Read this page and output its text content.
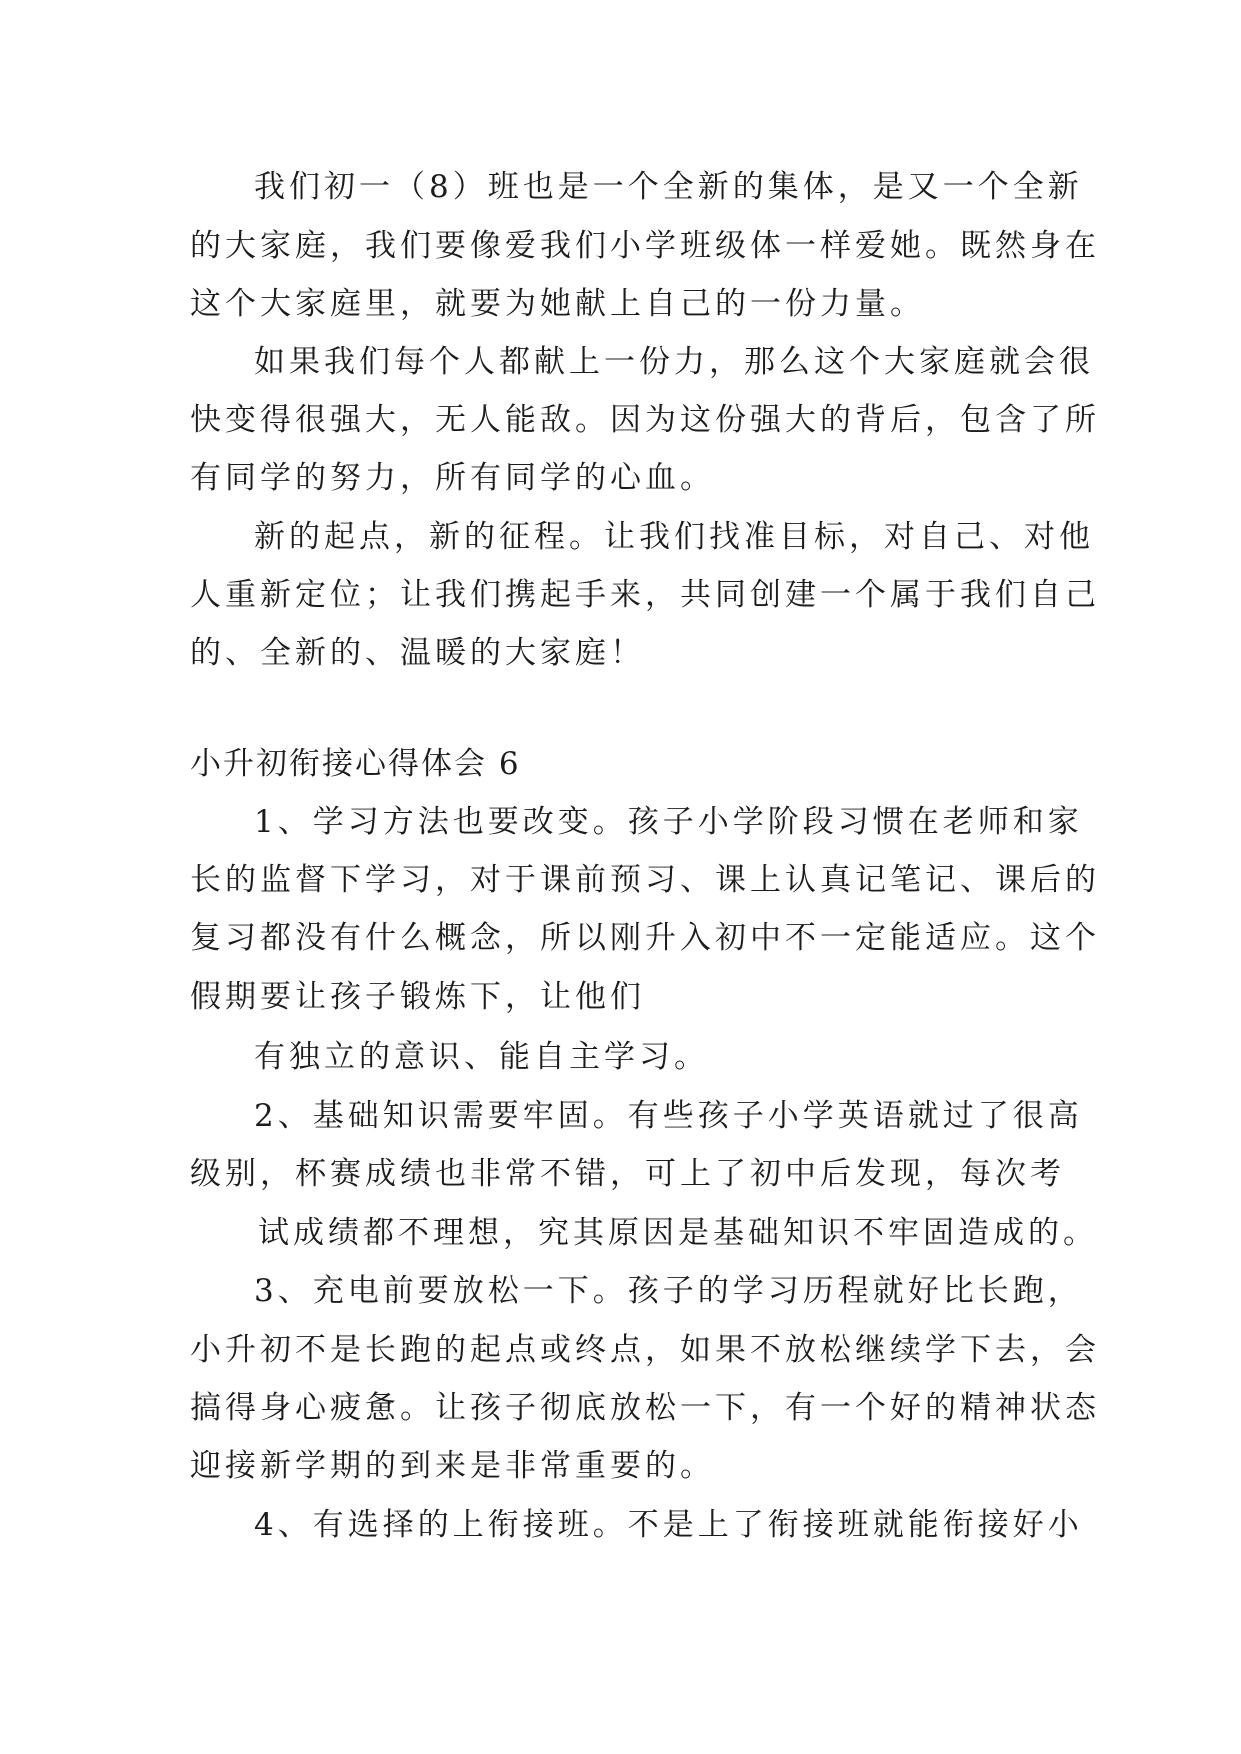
我们初一（8）班也是一个全新的集体，是又一个全新
的大家庭，我们要像爱我们小学班级体一样爱她。既然身在
这个大家庭里，就要为她献上自己的一份力量。
如果我们每个人都献上一份力，那么这个大家庭就会很
快变得很强大，无人能敌。因为这份强大的背后，包含了所
有同学的努力，所有同学的心血。
新的起点，新的征程。让我们找准目标，对自己、对他
人重新定位；让我们携起手来，共同创建一个属于我们自己
的、全新的、温暖的大家庭！
小升初衔接心得体会 6
1、学习方法也要改变。孩子小学阶段习惯在老师和家
长的监督下学习，对于课前预习、课上认真记笔记、课后的
复习都没有什么概念，所以刚升入初中不一定能适应。这个
假期要让孩子锻炼下，让他们
有独立的意识、能自主学习。
2、基础知识需要牢固。有些孩子小学英语就过了很高
级别，杯赛成绩也非常不错，可上了初中后发现，每次考
试成绩都不理想，究其原因是基础知识不牢固造成的。
3、充电前要放松一下。孩子的学习历程就好比长跑，
小升初不是长跑的起点或终点，如果不放松继续学下去，会
搞得身心疲惫。让孩子彻底放松一下，有一个好的精神状态
迎接新学期的到来是非常重要的。
4、有选择的上衔接班。不是上了衔接班就能衔接好小
